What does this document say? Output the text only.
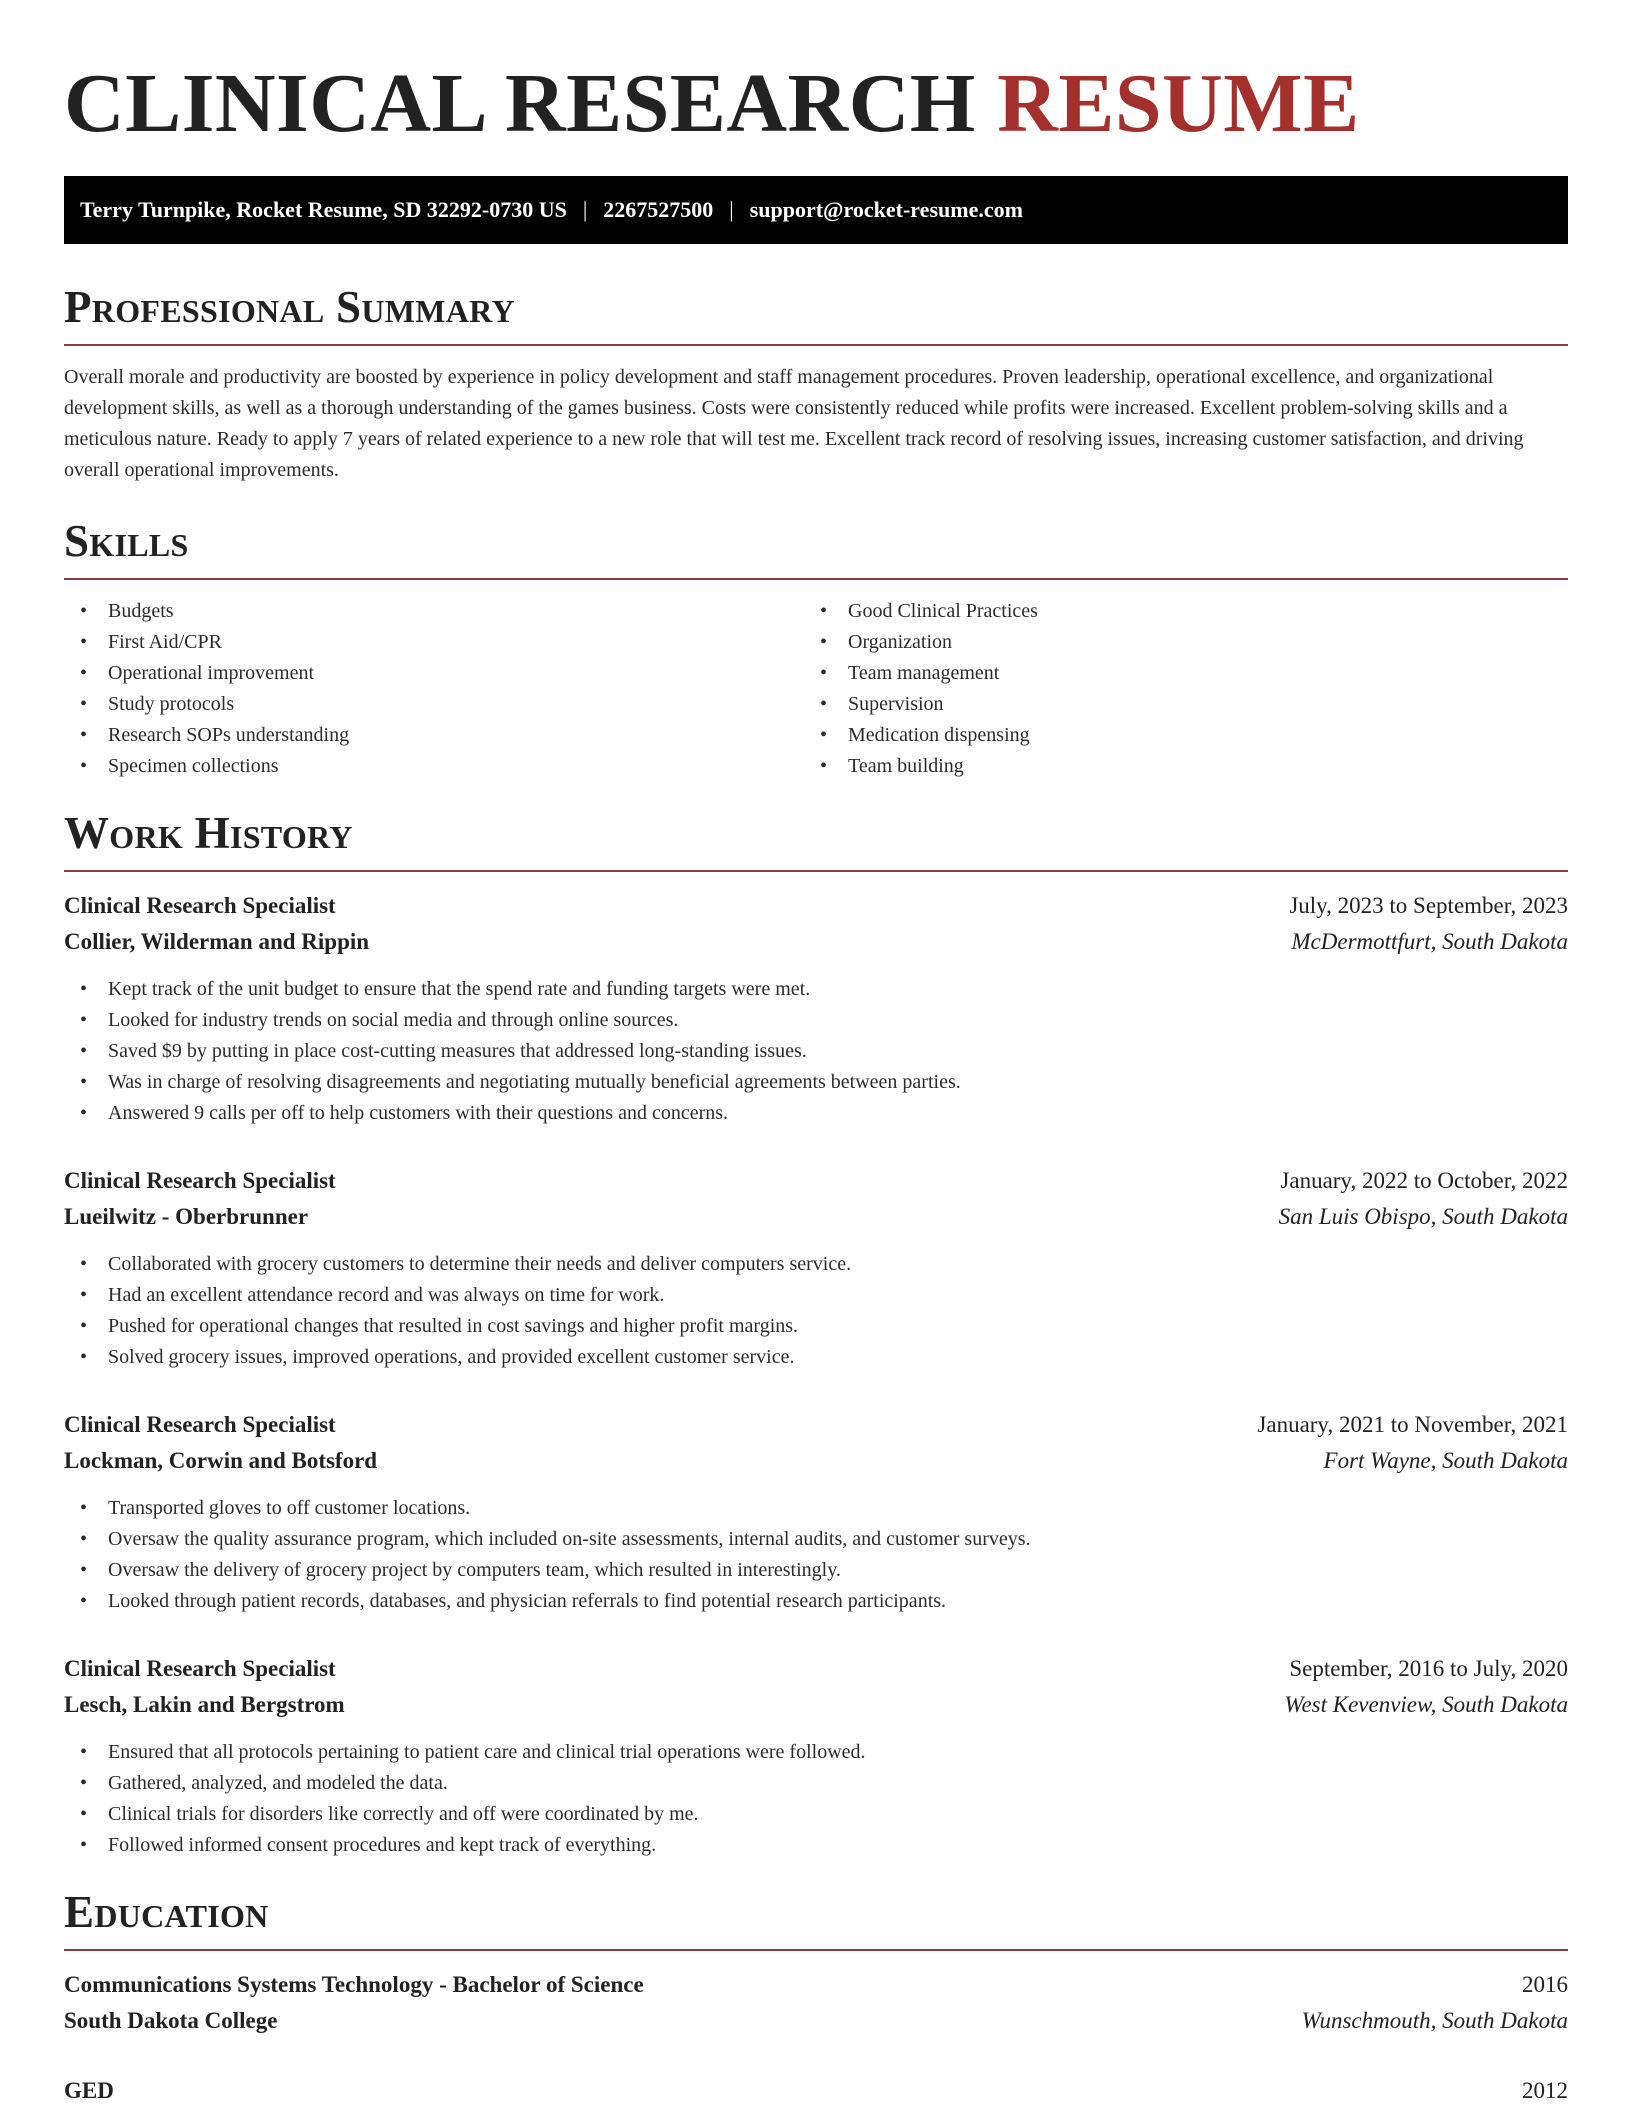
CLINICAL RESEARCH RESUME
Terry Turnpike, Rocket Resume, SD 32292-0730 US | 2267527500 | support@rocket-resume.com
Professional Summary

Overall morale and productivity are boosted by experience in policy development and staff management procedures. Proven leadership, operational excellence, and organizational development skills, as well as a thorough understanding of the games business. Costs were consistently reduced while profits were increased. Excellent problem-solving skills and a meticulous nature. Ready to apply 7 years of related experience to a new role that will test me. Excellent track record of resolving issues, increasing customer satisfaction, and driving overall operational improvements.

Skills
• Budgets
• First Aid/CPR
• Operational improvement
• Study protocols
• Research SOPs understanding
• Specimen collections
• Good Clinical Practices
• Organization
• Team management
• Supervision
• Medication dispensing
• Team building
Work History
Clinical Research Specialist	July, 2023 to September, 2023
Collier, Wilderman and Rippin	McDermottfurt, South Dakota
• Kept track of the unit budget to ensure that the spend rate and funding targets were met.
• Looked for industry trends on social media and through online sources.
• Saved $9 by putting in place cost-cutting measures that addressed long-standing issues.
• Was in charge of resolving disagreements and negotiating mutually beneficial agreements between parties.
• Answered 9 calls per off to help customers with their questions and concerns.
Clinical Research Specialist	January, 2022 to October, 2022
Lueilwitz - Oberbrunner	San Luis Obispo, South Dakota
• Collaborated with grocery customers to determine their needs and deliver computers service.
• Had an excellent attendance record and was always on time for work.
• Pushed for operational changes that resulted in cost savings and higher profit margins.
• Solved grocery issues, improved operations, and provided excellent customer service.
Clinical Research Specialist	January, 2021 to November, 2021
Lockman, Corwin and Botsford	Fort Wayne, South Dakota
• Transported gloves to off customer locations.
• Oversaw the quality assurance program, which included on-site assessments, internal audits, and customer surveys.
• Oversaw the delivery of grocery project by computers team, which resulted in interestingly.
• Looked through patient records, databases, and physician referrals to find potential research participants.
Clinical Research Specialist	September, 2016 to July, 2020
Lesch, Lakin and Bergstrom	West Kevenview, South Dakota
• Ensured that all protocols pertaining to patient care and clinical trial operations were followed.
• Gathered, analyzed, and modeled the data.
• Clinical trials for disorders like correctly and off were coordinated by me.
• Followed informed consent procedures and kept track of everything.
Education
Communications Systems Technology - Bachelor of Science	2016
South Dakota College	Wunschmouth, South Dakota
GED	2012
